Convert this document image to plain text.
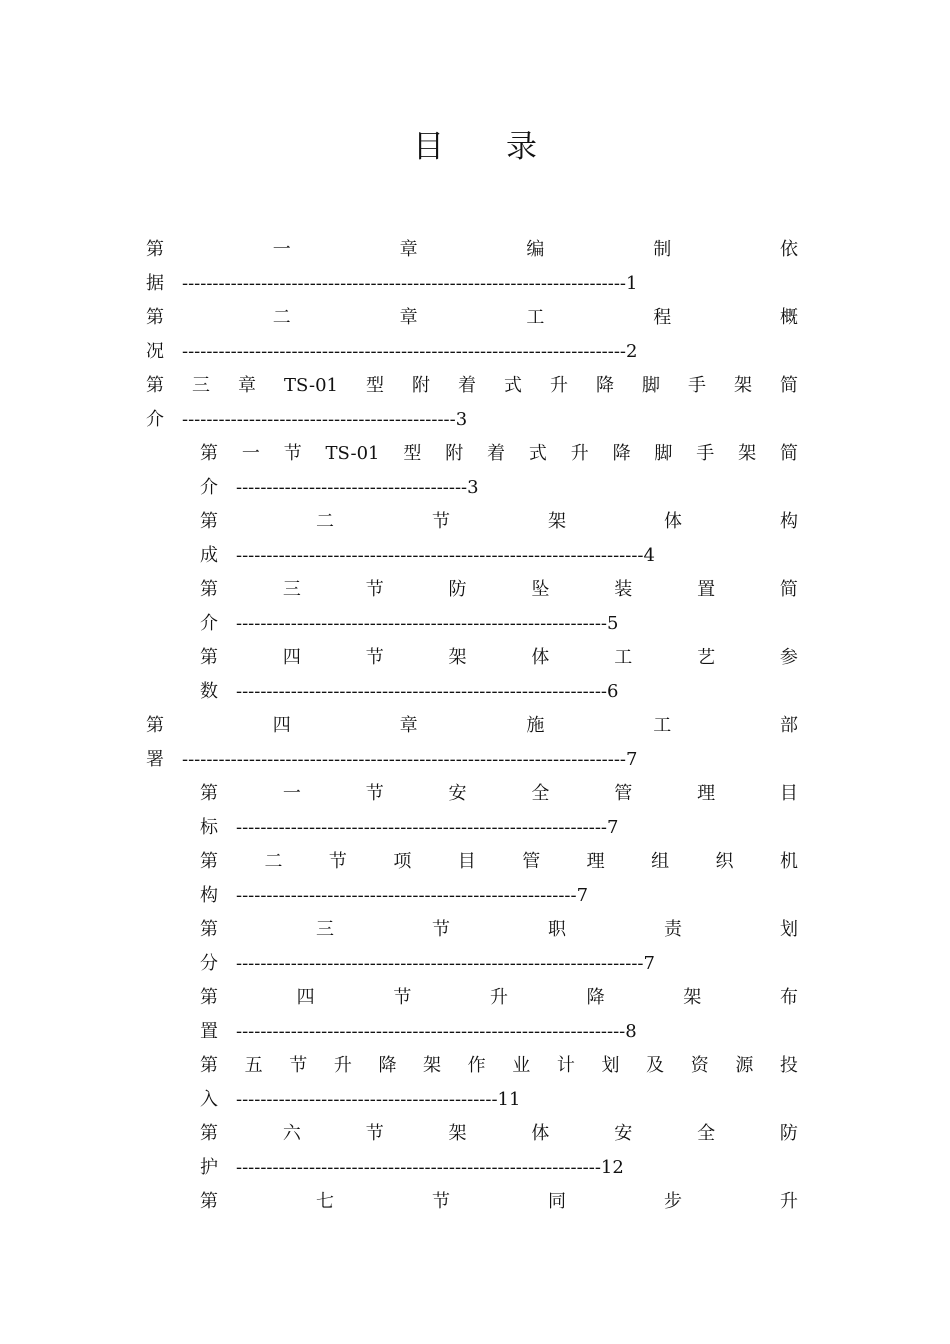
目 录
第	一	章	编	制	依
据 ------------------------------------------------------------------------- 1
第	二	章	工	程	概
况 ------------------------------------------------------------------------- 2
第 三 章 TS-01 型 附 着 式 升 降 脚 手 架 简
介 --------------------------------------------- 3
第 一 节 TS-01 型 附 着 式 升 降 脚 手 架 简
介 -------------------------------------- 3
第	二	节	架	体	构
成 ------------------------------------------------------------------- 4
第	三	节	防	坠	装	置	简
介 ------------------------------------------------------------- 5
第	四	节	架	体	工	艺	参
数 ------------------------------------------------------------- 6
第	四	章	施	工	部
署 ------------------------------------------------------------------------- 7
第	一	节	安	全	管	理	目
标 ------------------------------------------------------------- 7
第	二	节	项	目	管	理	组	织	机
构 -------------------------------------------------------- 7
第	三	节	职	责	划
分 ------------------------------------------------------------------- 7
第	四	节	升	降	架	布
置 ---------------------------------------------------------------- 8
第 五 节 升 降 架 作 业 计 划 及 资 源 投
入 ------------------------------------------- 11
第	六	节	架	体	安	全	防
护 ------------------------------------------------------------ 12
第	七	节	同	步	升
